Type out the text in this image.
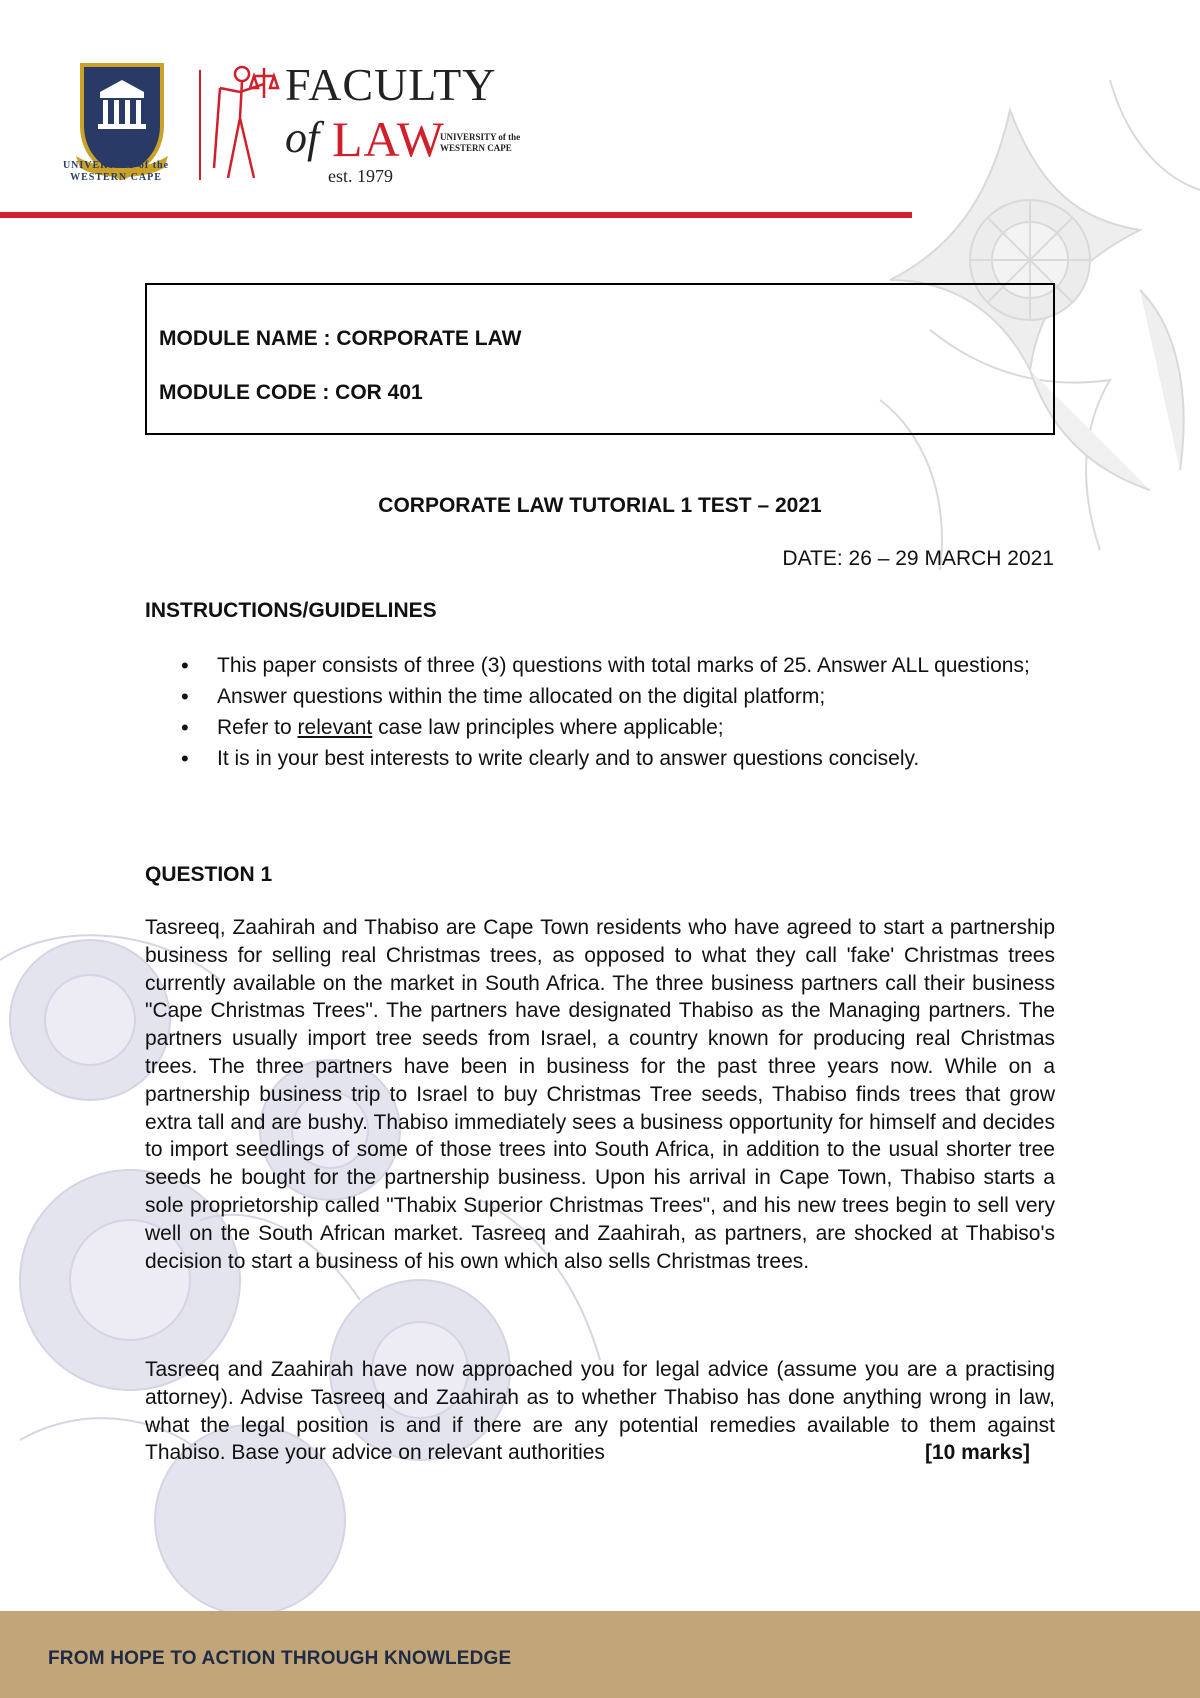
UNIVERSITY of the
WESTERN CAPE
FACULTY
of LAW
UNIVERSITY of the
WESTERN CAPE
est. 1979
MODULE NAME : CORPORATE LAW
MODULE CODE : COR 401
CORPORATE LAW TUTORIAL 1 TEST – 2021
DATE: 26 – 29 MARCH 2021
INSTRUCTIONS/GUIDELINES
• This paper consists of three (3) questions with total marks of 25. Answer ALL questions;
• Answer questions within the time allocated on the digital platform;
• Refer to relevant case law principles where applicable;
• It is in your best interests to write clearly and to answer questions concisely.
QUESTION 1

Tasreeq, Zaahirah and Thabiso are Cape Town residents who have agreed to start a partnership business for selling real Christmas trees, as opposed to what they call 'fake' Christmas trees currently available on the market in South Africa. The three business partners call their business "Cape Christmas Trees". The partners have designated Thabiso as the Managing partners. The partners usually import tree seeds from Israel, a country known for producing real Christmas trees. The three partners have been in business for the past three years now. While on a partnership business trip to Israel to buy Christmas Tree seeds, Thabiso finds trees that grow extra tall and are bushy. Thabiso immediately sees a business opportunity for himself and decides to import seedlings of some of those trees into South Africa, in addition to the usual shorter tree seeds he bought for the partnership business. Upon his arrival in Cape Town, Thabiso starts a sole proprietorship called "Thabix Superior Christmas Trees", and his new trees begin to sell very well on the South African market. Tasreeq and Zaahirah, as partners, are shocked at Thabiso's decision to start a business of his own which also sells Christmas trees.

Tasreeq and Zaahirah have now approached you for legal advice (assume you are a practising attorney). Advise Tasreeq and Zaahirah as to whether Thabiso has done anything wrong in law, what the legal position is and if there are any potential remedies available to them against Thabiso. Base your advice on relevant authorities	[10 marks]

FROM HOPE TO ACTION THROUGH KNOWLEDGE
